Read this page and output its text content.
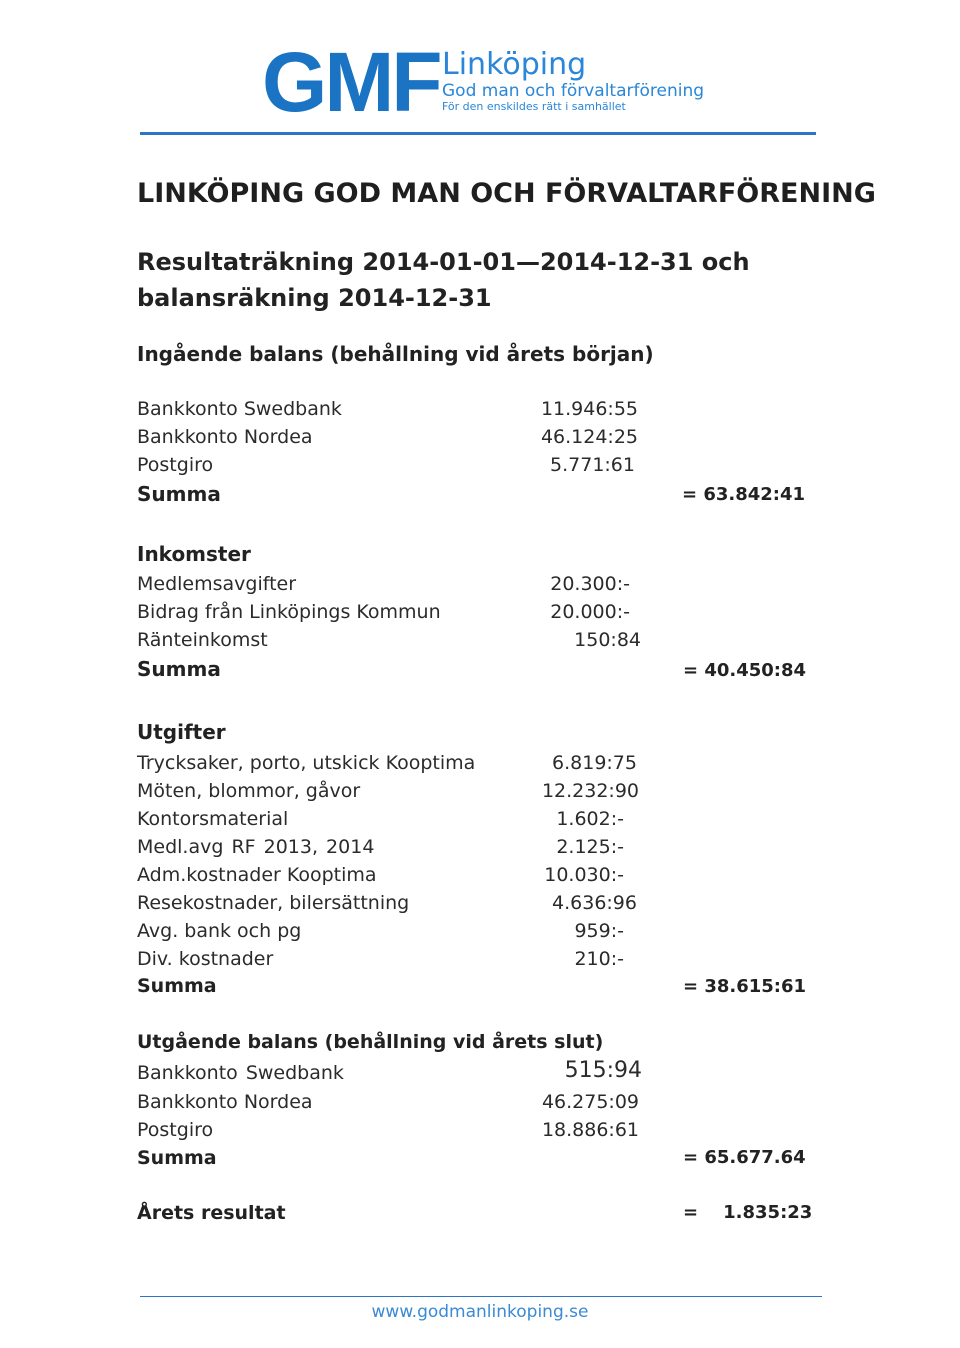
GMF Linköping
God man och förvaltarförening
För den enskildes rätt i samhället
LINKÖPING GOD MAN OCH FÖRVALTARFÖRENING
Resultaträkning 2014-01-01—2014-12-31 och
balansräkning 2014-12-31
Ingående balans (behållning vid årets början)
Bankkonto Swedbank	11.946:55
Bankkonto Nordea	46.124:25
Postgiro	5.771:61
Summa	= 63.842:41
Inkomster
Medlemsavgifter	20.300:-
Bidrag från Linköpings Kommun	20.000:-
Ränteinkomst	150:84
Summa	= 40.450:84
Utgifter
Trycksaker, porto, utskick Kooptima	6.819:75
Möten, blommor, gåvor	12.232:90
Kontorsmaterial	1.602:-
Medl.avg RF 2013, 2014	2.125:-
Adm.kostnader Kooptima	10.030:-
Resekostnader, bilersättning	4.636:96
Avg. bank och pg	959:-
Div. kostnader	210:-
Summa	= 38.615:61
Utgående balans (behållning vid årets slut)
Bankkonto Swedbank	515:94
Bankkonto Nordea	46.275:09
Postgiro	18.886:61
Summa	= 65.677.64
Årets resultat	=    1.835:23
www.godmanlinkoping.se
